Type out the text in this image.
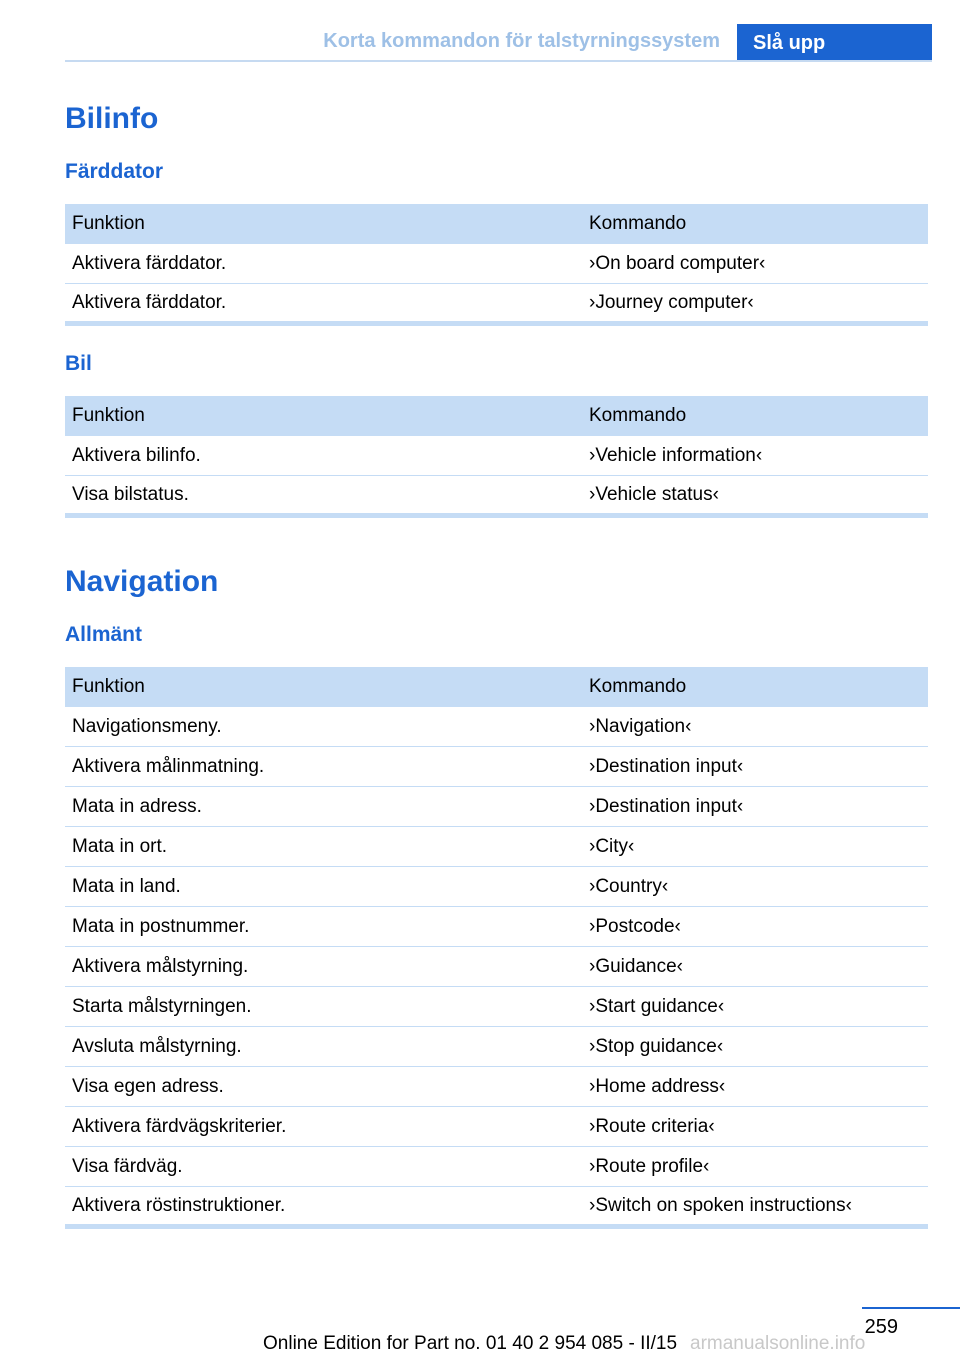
Korta kommandon för talstyrningssystem	Slå upp
Bilinfo
Färddator
Funktion	Kommando
Aktivera färddator.	›On board computer‹
Aktivera färddator.	›Journey computer‹
Bil
Funktion	Kommando
Aktivera bilinfo.	›Vehicle information‹
Visa bilstatus.	›Vehicle status‹
Navigation
Allmänt
Funktion	Kommando
Navigationsmeny.	›Navigation‹
Aktivera målinmatning.	›Destination input‹
Mata in adress.	›Destination input‹
Mata in ort.	›City‹
Mata in land.	›Country‹
Mata in postnummer.	›Postcode‹
Aktivera målstyrning.	›Guidance‹
Starta målstyrningen.	›Start guidance‹
Avsluta målstyrning.	›Stop guidance‹
Visa egen adress.	›Home address‹
Aktivera färdvägskriterier.	›Route criteria‹
Visa färdväg.	›Route profile‹
Aktivera röstinstruktioner.	›Switch on spoken instructions‹
259
Online Edition for Part no. 01 40 2 954 085 - II/15 armanualsonline.info
